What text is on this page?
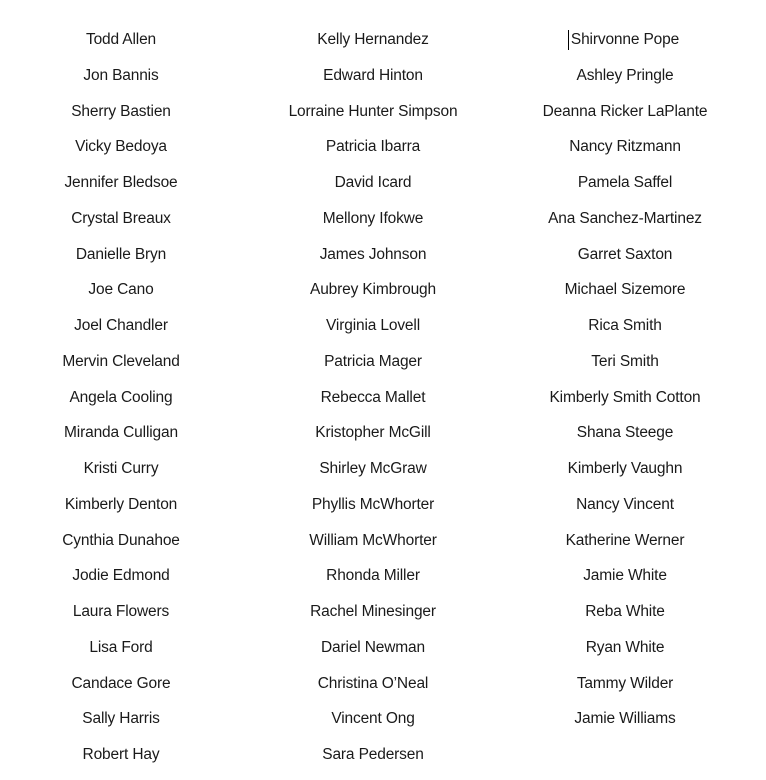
Todd Allen
Jon Bannis
Sherry Bastien
Vicky Bedoya
Jennifer Bledsoe
Crystal Breaux
Danielle Bryn
Joe Cano
Joel Chandler
Mervin Cleveland
Angela Cooling
Miranda Culligan
Kristi Curry
Kimberly Denton
Cynthia Dunahoe
Jodie Edmond
Laura Flowers
Lisa Ford
Candace Gore
Sally Harris
Robert Hay
Kelly Hernandez
Edward Hinton
Lorraine Hunter Simpson
Patricia Ibarra
David Icard
Mellony Ifokwe
James Johnson
Aubrey Kimbrough
Virginia Lovell
Patricia Mager
Rebecca Mallet
Kristopher McGill
Shirley McGraw
Phyllis McWhorter
William McWhorter
Rhonda Miller
Rachel Minesinger
Dariel Newman
Christina O’Neal
Vincent Ong
Sara Pedersen
Shirvonne Pope
Ashley Pringle
Deanna Ricker LaPlante
Nancy Ritzmann
Pamela Saffel
Ana Sanchez-Martinez
Garret Saxton
Michael Sizemore
Rica Smith
Teri Smith
Kimberly Smith Cotton
Shana Steege
Kimberly Vaughn
Nancy Vincent
Katherine Werner
Jamie White
Reba White
Ryan White
Tammy Wilder
Jamie Williams
